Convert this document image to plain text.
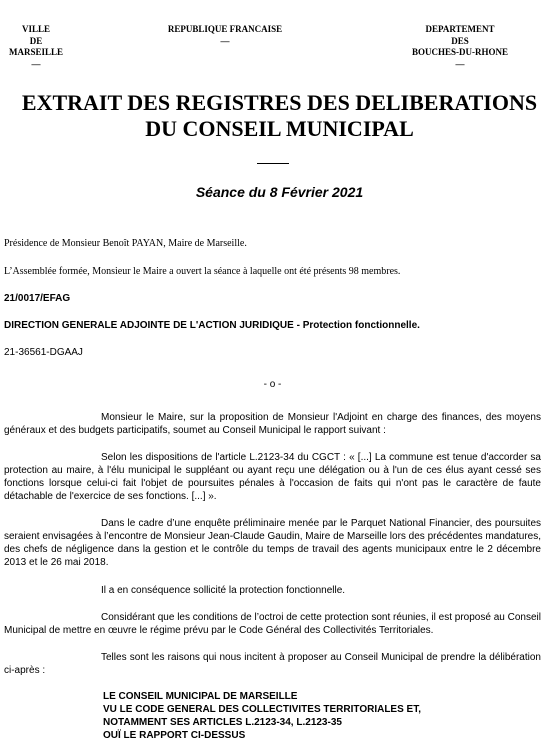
VILLE
DE
MARSEILLE
—
REPUBLIQUE FRANCAISE
—
DEPARTEMENT
DES
BOUCHES-DU-RHONE
—
EXTRAIT DES REGISTRES DES DELIBERATIONS
DU CONSEIL MUNICIPAL
Séance du 8 Février 2021
Présidence de Monsieur Benoît PAYAN, Maire de Marseille.
L’Assemblée formée, Monsieur le Maire a ouvert la séance à laquelle ont été présents 98 membres.
21/0017/EFAG
DIRECTION GENERALE ADJOINTE DE L'ACTION JURIDIQUE - Protection fonctionnelle.
21-36561-DGAAJ
- o -
Monsieur le Maire, sur la proposition de Monsieur l'Adjoint en charge des finances, des moyens généraux et des budgets participatifs, soumet au Conseil Municipal le rapport suivant :
Selon les dispositions de l'article L.2123-34 du CGCT : « [...] La commune est tenue d'accorder sa protection au maire, à l'élu municipal le suppléant ou ayant reçu une délégation ou à l'un de ces élus ayant cessé ses fonctions lorsque celui-ci fait l'objet de poursuites pénales à l'occasion de faits qui n'ont pas le caractère de faute détachable de l'exercice de ses fonctions. [...] ».
Dans le cadre d’une enquête préliminaire menée par le Parquet National Financier, des poursuites seraient envisagées à l’encontre de Monsieur Jean-Claude Gaudin, Maire de Marseille lors des précédentes mandatures, des chefs de négligence dans la gestion et le contrôle du temps de travail des agents municipaux entre le 2 décembre 2013 et le 26 mai 2018.
Il a en conséquence sollicité la protection fonctionnelle.
Considérant que les conditions de l’octroi de cette protection sont réunies, il est proposé au Conseil Municipal de mettre en œuvre le régime prévu par le Code Général des Collectivités Territoriales.
Telles sont les raisons qui nous incitent à proposer au Conseil Municipal de prendre la délibération ci-après :
LE CONSEIL MUNICIPAL DE MARSEILLE
VU LE CODE GENERAL DES COLLECTIVITES TERRITORIALES ET,
NOTAMMENT SES ARTICLES L.2123-34, L.2123-35
OUÏ LE RAPPORT CI-DESSUS
